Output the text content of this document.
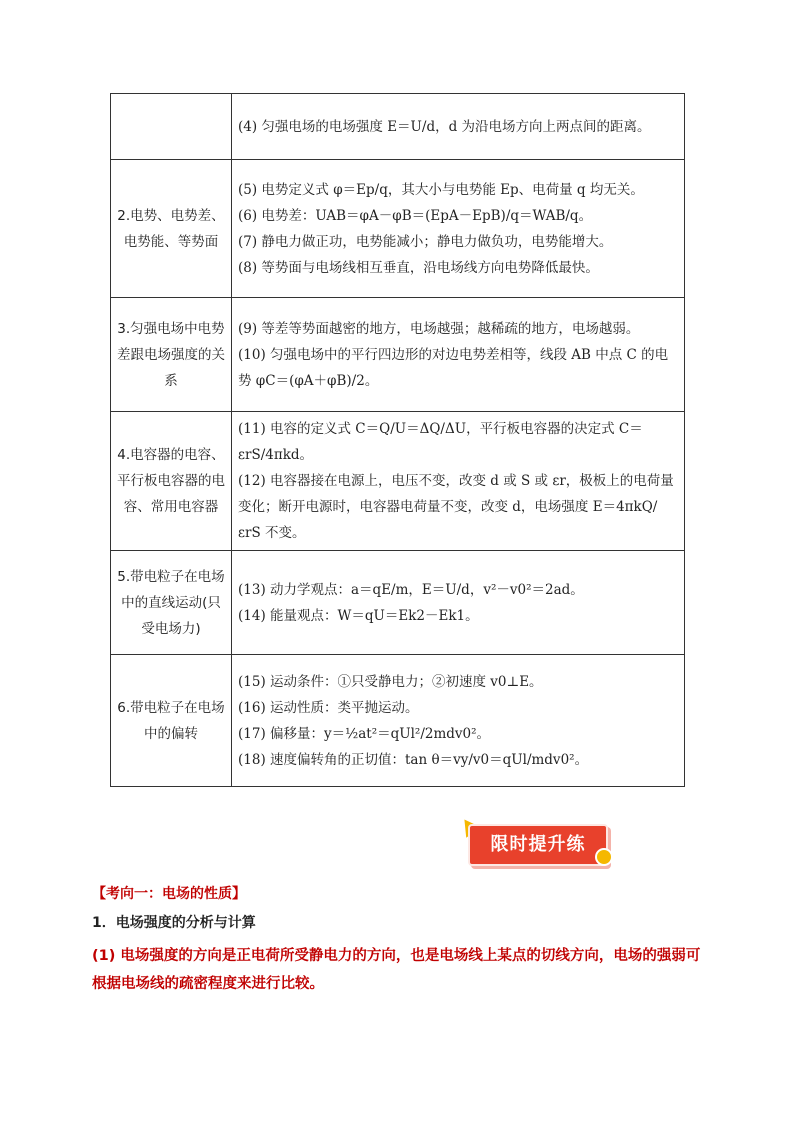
	(4) 匀强电场的电场强度 E＝U/d，d 为沿电场方向上两点间的距离。

2.电势、电势差、电势能、等势面	(5) 电势定义式 φ＝Ep/q，其大小与电势能 Ep、电荷量 q 均无关。

(6) 电势差：UAB＝φA－φB＝(EpA－EpB)/q＝WAB/q。

(7) 静电力做正功，电势能减小；静电力做负功，电势能增大。

(8) 等势面与电场线相互垂直，沿电场线方向电势降低最快。

3.匀强电场中电势差跟电场强度的关系	(9) 等差等势面越密的地方，电场越强；越稀疏的地方，电场越弱。

(10) 匀强电场中的平行四边形的对边电势差相等，线段 AB 中点 C 的电势 φC＝(φA＋φB)/2。

4.电容器的电容、平行板电容器的电容、常用电容器	(11) 电容的定义式 C＝Q/U＝ΔQ/ΔU，平行板电容器的决定式 C＝εrS/4πkd。

(12) 电容器接在电源上，电压不变，改变 d 或 S 或 εr，极板上的电荷量变化；断开电源时，电容器电荷量不变，改变 d，电场强度 E＝4πkQ/εrS 不变。

5.带电粒子在电场中的直线运动(只受电场力)	(13) 动力学观点：a＝qE/m，E＝U/d，v²－v0²＝2ad。

(14) 能量观点：W＝qU＝Ek2－Ek1。

6.带电粒子在电场中的偏转	(15) 运动条件：①只受静电力；②初速度 v0⊥E。

(16) 运动性质：类平抛运动。

(17) 偏移量：y＝½at²＝qUl²/2mdv0²。

(18) 速度偏转角的正切值：tan θ＝vy/v0＝qUl/mdv0²。

限时提升练
【考向一：电场的性质】
1．电场强度的分析与计算
(1) 电场强度的方向是正电荷所受静电力的方向，也是电场线上某点的切线方向，电场的强弱可根据电场线的疏密程度来进行比较。
